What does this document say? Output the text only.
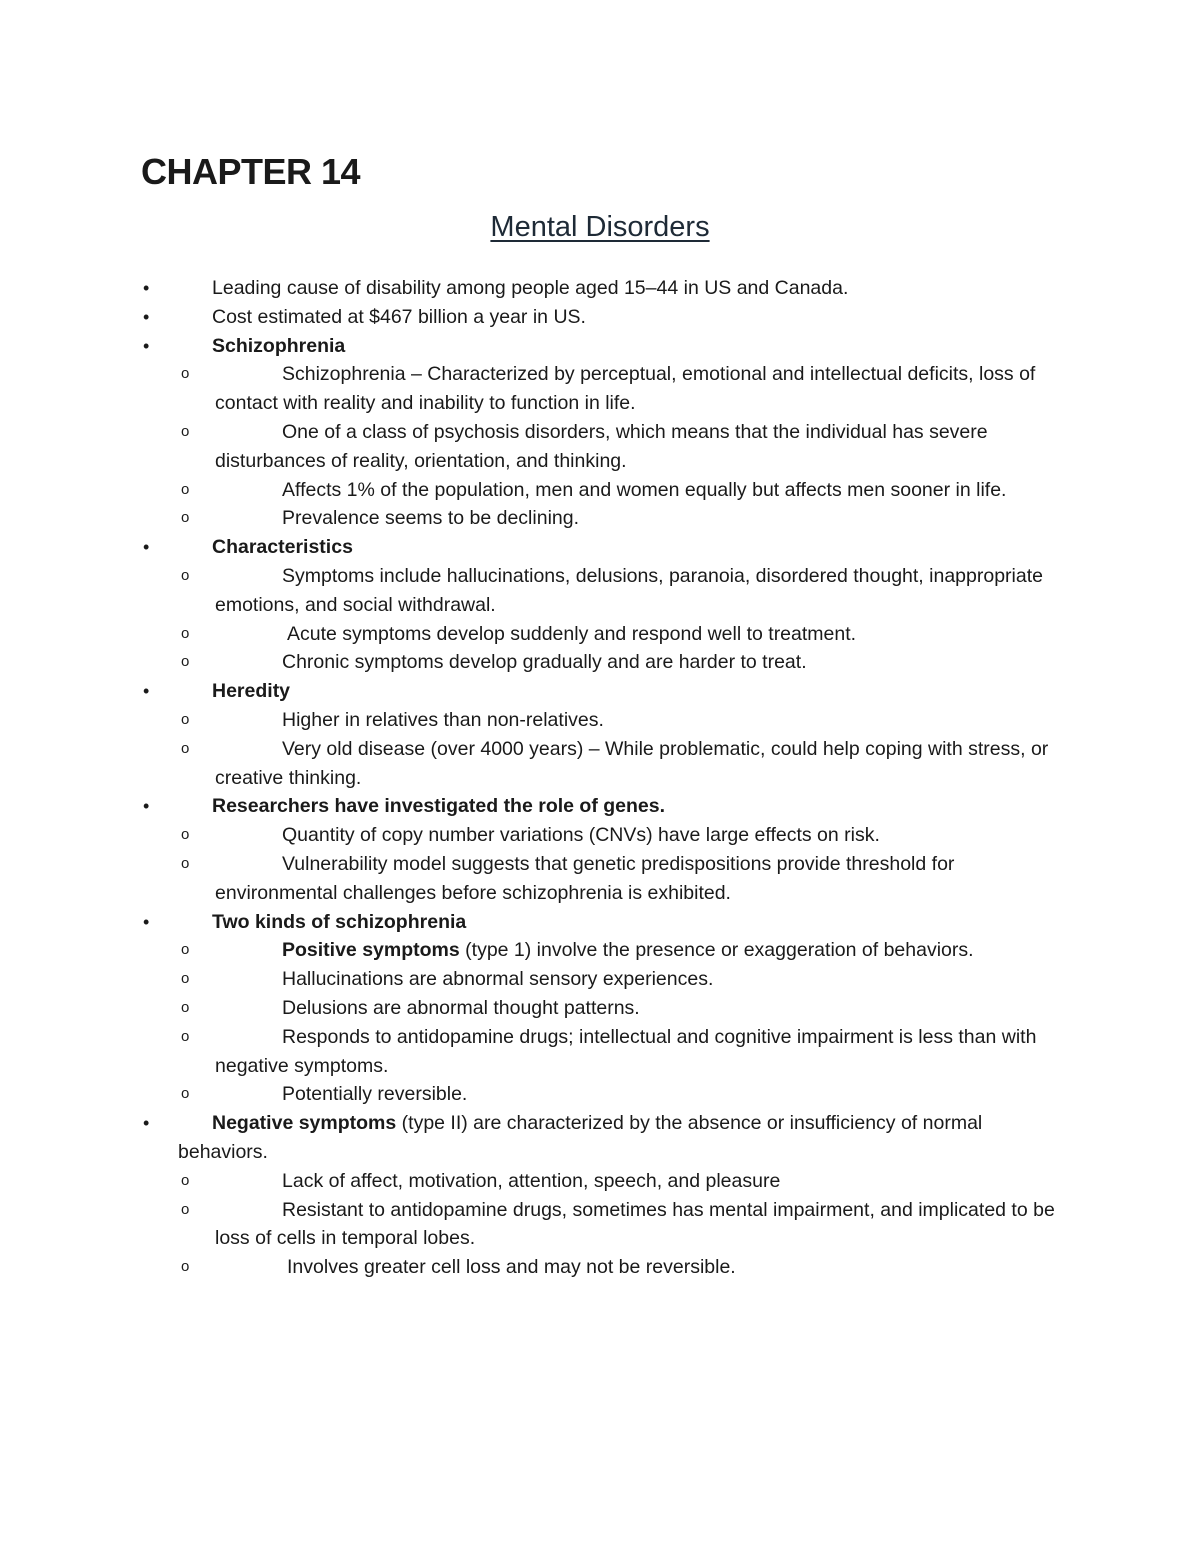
CHAPTER 14
Mental Disorders
•	Leading cause of disability among people aged 15–44 in US and Canada.
•	Cost estimated at $467 billion a year in US.
•	Schizophrenia
o	Schizophrenia – Characterized by perceptual, emotional and intellectual deficits, loss of contact with reality and inability to function in life.
o	One of a class of psychosis disorders, which means that the individual has severe disturbances of reality, orientation, and thinking.
o	Affects 1% of the population, men and women equally but affects men sooner in life.
o	Prevalence seems to be declining.
•	Characteristics
o	Symptoms include hallucinations, delusions, paranoia, disordered thought, inappropriate emotions, and social withdrawal.
o	Acute symptoms develop suddenly and respond well to treatment.
o	Chronic symptoms develop gradually and are harder to treat.
•	Heredity
o	Higher in relatives than non-relatives.
o	Very old disease (over 4000 years) – While problematic, could help coping with stress, or creative thinking.
•	Researchers have investigated the role of genes.
o	Quantity of copy number variations (CNVs) have large effects on risk.
o	Vulnerability model suggests that genetic predispositions provide threshold for environmental challenges before schizophrenia is exhibited.
•	Two kinds of schizophrenia
o	Positive symptoms (type 1) involve the presence or exaggeration of behaviors.
o	Hallucinations are abnormal sensory experiences.
o	Delusions are abnormal thought patterns.
o	Responds to antidopamine drugs; intellectual and cognitive impairment is less than with negative symptoms.
o	Potentially reversible.
•	Negative symptoms (type II) are characterized by the absence or insufficiency of normal behaviors.
o	Lack of affect, motivation, attention, speech, and pleasure
o	Resistant to antidopamine drugs, sometimes has mental impairment, and implicated to be loss of cells in temporal lobes.
o	Involves greater cell loss and may not be reversible.
